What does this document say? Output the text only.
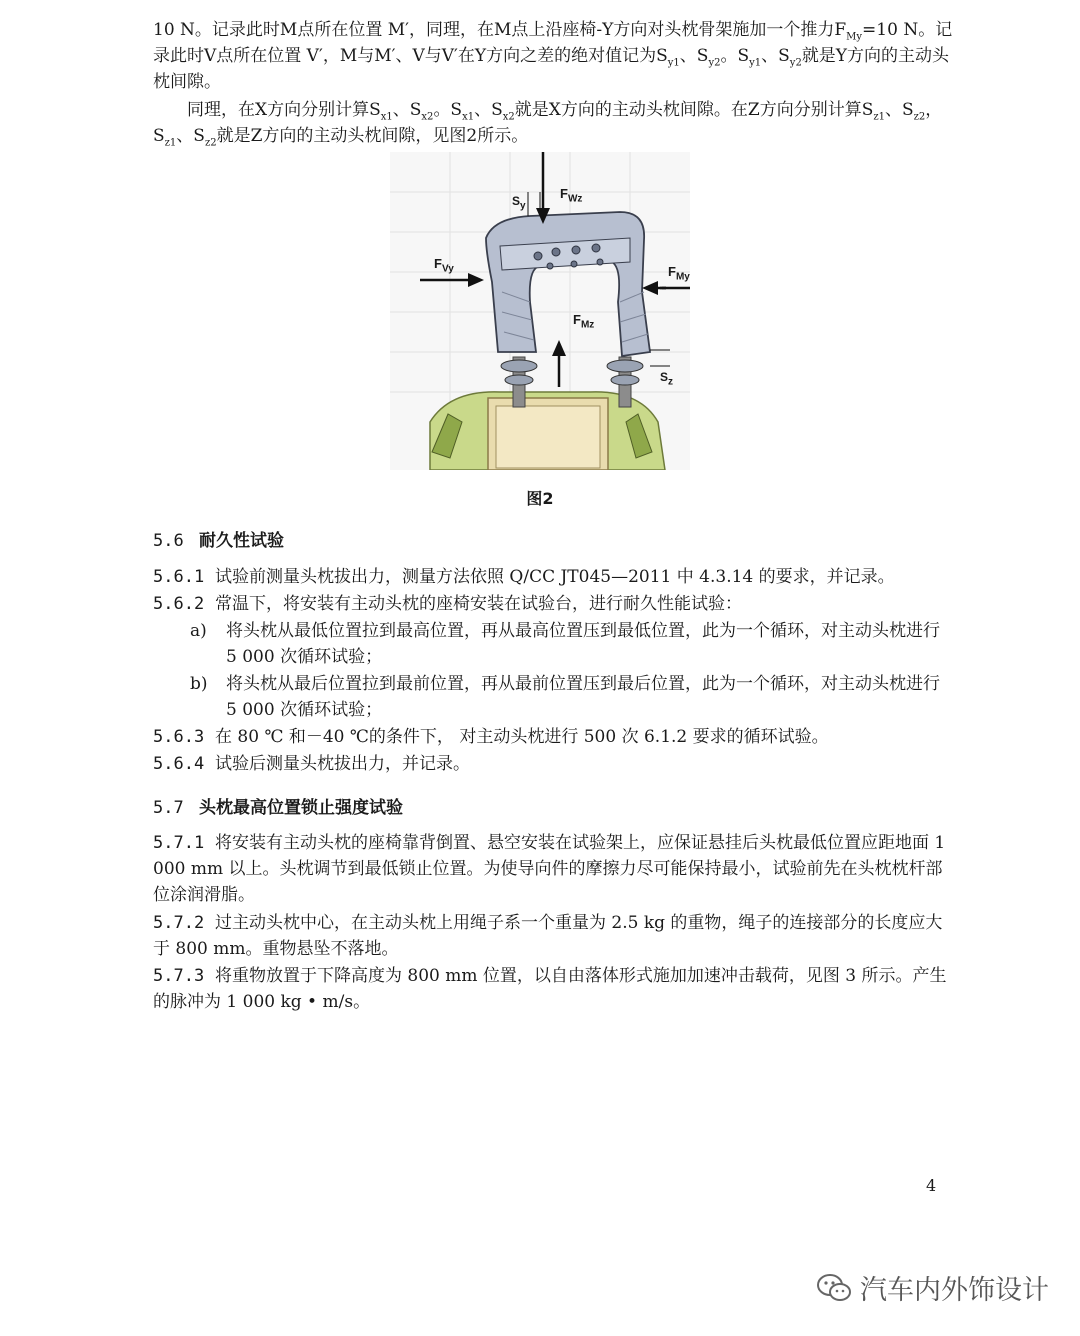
10 N。记录此时M点所在位置 M′，同理，在M点上沿座椅-Y方向对头枕骨架施加一个推力$F_{My}=10$ N。记录此时V点所在位置 V′，M与M′、V与V′在Y方向之差的绝对值记为$S_{y1}$、$S_{y2}$。$S_{y1}$、$S_{y2}$就是Y方向的主动头枕间隙。

同理，在X方向分别计算$S_{x1}$、$S_{x2}$。$S_{x1}$、$S_{x2}$就是X方向的主动头枕间隙。在Z方向分别计算$S_{z1}$、$S_{z2}$，$S_{z1}$、$S_{z2}$就是Z方向的主动头枕间隙，见图2所示。

$F_{Wz}$
$S_y$
$F_{Vy}$	$F_{My}$
$F_{Mz}$
$S_z$
图2

5.6 耐久性试验

5.6.1 试验前测量头枕拔出力，测量方法依照 Q/CC JT045—2011 中 4.3.14 的要求，并记录。

5.6.2 常温下，将安装有主动头枕的座椅安装在试验台，进行耐久性能试验：

a) 将头枕从最低位置拉到最高位置，再从最高位置压到最低位置，此为一个循环，对主动头枕进行 5 000 次循环试验；

b) 将头枕从最后位置拉到最前位置，再从最前位置压到最后位置，此为一个循环，对主动头枕进行 5 000 次循环试验；

5.6.3 在 80 ℃ 和－40 ℃的条件下， 对主动头枕进行 500 次 6.1.2 要求的循环试验。

5.6.4 试验后测量头枕拔出力，并记录。

5.7 头枕最高位置锁止强度试验

5.7.1 将安装有主动头枕的座椅靠背倒置、悬空安装在试验架上，应保证悬挂后头枕最低位置应距地面 1 000 mm 以上。头枕调节到最低锁止位置。为使导向件的摩擦力尽可能保持最小，试验前先在头枕枕杆部位涂润滑脂。

5.7.2 过主动头枕中心，在主动头枕上用绳子系一个重量为 2.5 kg 的重物，绳子的连接部分的长度应大于 800 mm。重物悬坠不落地。

5.7.3 将重物放置于下降高度为 800 mm 位置，以自由落体形式施加加速冲击载荷，见图 3 所示。产生的脉冲为 1 000 kg • m/s。

4
汽车内外饰设计
